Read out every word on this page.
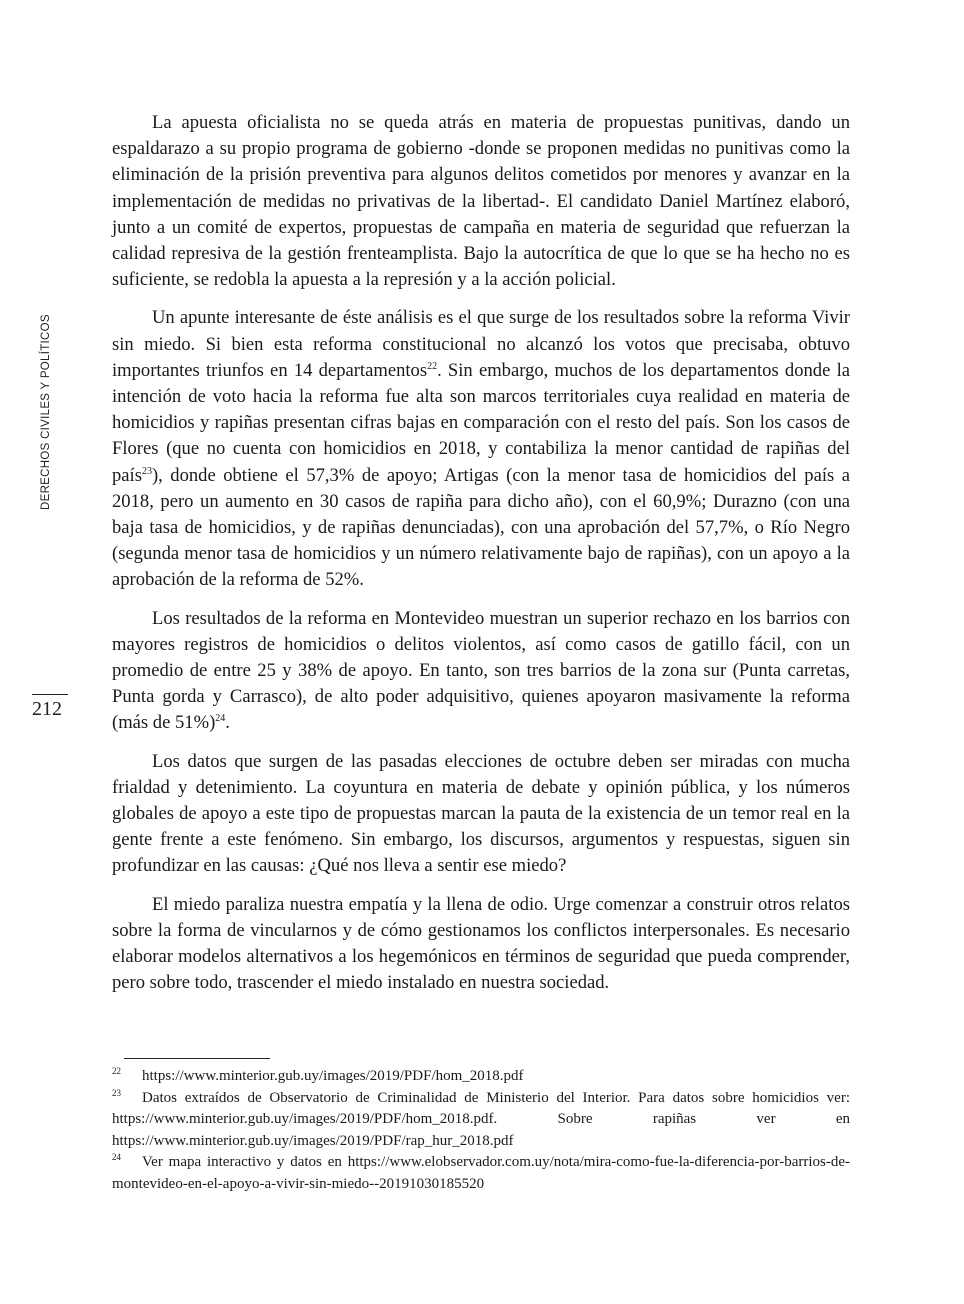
DERECHOS CIVILES Y POLÍTICOS
212

La apuesta oficialista no se queda atrás en materia de propuestas punitivas, dando un espaldarazo a su propio programa de gobierno -donde se proponen medidas no punitivas como la eliminación de la prisión preventiva para algunos delitos cometidos por menores y avanzar en la implementación de medidas no privativas de la libertad-. El candidato Daniel Martínez elaboró, junto a un comité de expertos, propuestas de campaña en materia de seguridad que refuerzan la calidad represiva de la gestión frenteamplista. Bajo la autocrítica de que lo que se ha hecho no es suficiente, se redobla la apuesta a la represión y a la acción policial.

Un apunte interesante de éste análisis es el que surge de los resultados sobre la reforma Vivir sin miedo. Si bien esta reforma constitucional no alcanzó los votos que precisaba, obtuvo importantes triunfos en 14 departamentos$^{22}$. Sin embargo, muchos de los departamentos donde la intención de voto hacia la reforma fue alta son marcos territoriales cuya realidad en materia de homicidios y rapiñas presentan cifras bajas en comparación con el resto del país. Son los casos de Flores (que no cuenta con homicidios en 2018, y contabiliza la menor cantidad de rapiñas del país$^{23}$), donde obtiene el 57,3% de apoyo; Artigas (con la menor tasa de homicidios del país a 2018, pero un aumento en 30 casos de rapiña para dicho año), con el 60,9%; Durazno (con una baja tasa de homicidios, y de rapiñas denunciadas), con una aprobación del 57,7%, o Río Negro (segunda menor tasa de homicidios y un número relativamente bajo de rapiñas), con un apoyo a la aprobación de la reforma de 52%.

Los resultados de la reforma en Montevideo muestran un superior rechazo en los barrios con mayores registros de homicidios o delitos violentos, así como casos de gatillo fácil, con un promedio de entre 25 y 38% de apoyo. En tanto, son tres barrios de la zona sur (Punta carretas, Punta gorda y Carrasco), de alto poder adquisitivo, quienes apoyaron masivamente la reforma (más de 51%)$^{24}$.

Los datos que surgen de las pasadas elecciones de octubre deben ser miradas con mucha frialdad y detenimiento. La coyuntura en materia de debate y opinión pública, y los números globales de apoyo a este tipo de propuestas marcan la pauta de la existencia de un temor real en la gente frente a este fenómeno. Sin embargo, los discursos, argumentos y respuestas, siguen sin profundizar en las causas: ¿Qué nos lleva a sentir ese miedo?

El miedo paraliza nuestra empatía y la llena de odio. Urge comenzar a construir otros relatos sobre la forma de vincularnos y de cómo gestionamos los conflictos interpersonales. Es necesario elaborar modelos alternativos a los hegemónicos en términos de seguridad que pueda comprender, pero sobre todo, trascender el miedo instalado en nuestra sociedad.

22 https://www.minterior.gub.uy/images/2019/PDF/hom_2018.pdf

23 Datos extraídos de Observatorio de Criminalidad de Ministerio del Interior. Para datos sobre homicidios ver: https://www.minterior.gub.uy/images/2019/PDF/hom_2018.pdf. Sobre rapiñas ver en https://www.minterior.gub.uy/images/2019/PDF/rap_hur_2018.pdf

24 Ver mapa interactivo y datos en https://www.elobservador.com.uy/nota/mira-como-fue-la-diferencia-por-barrios-de-montevideo-en-el-apoyo-a-vivir-sin-miedo--20191030185520
